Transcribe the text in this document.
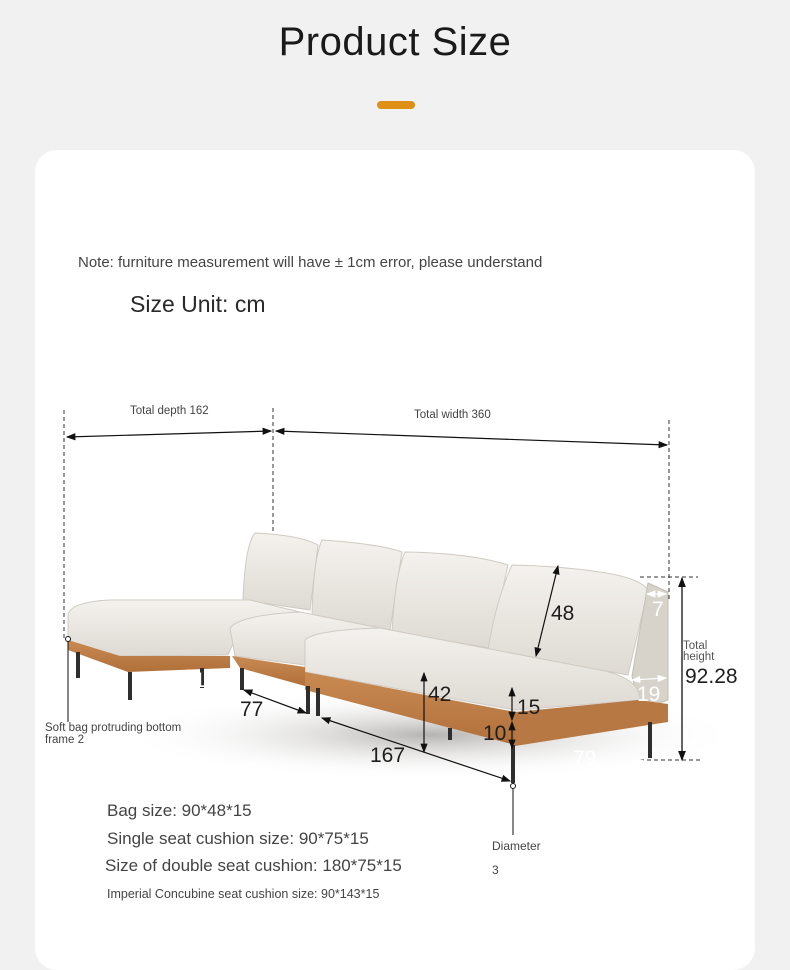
Product Size
Note: furniture measurement will have ± 1cm error, please understand
Size Unit: cm
Total depth 162	Total width 360
48	7
Total
height
92.28
19
17
77
42
15
10
167	79
Soft bag protruding bottom
frame 2
Diameter
3
Bag size: 90*48*15
Single seat cushion size: 90*75*15
Size of double seat cushion: 180*75*15
Imperial Concubine seat cushion size: 90*143*15
